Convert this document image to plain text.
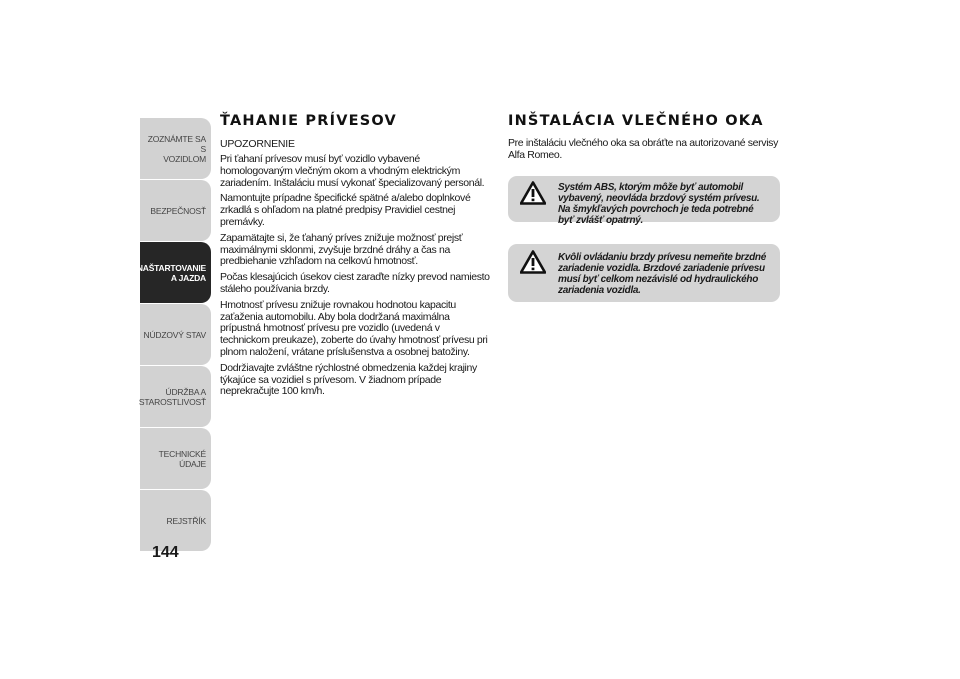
ZOZNÁMTE SA S
VOZIDLOM
BEZPEČNOSŤ
NAŠTARTOVANIE
A JAZDA
NÚDZOVÝ STAV
ÚDRŽBA A
STAROSTLIVOSŤ
TECHNICKÉ ÚDAJE
REJSTŘÍK
144
ŤAHANIE PRÍVESOV

UPOZORNENIE

Pri ťahaní prívesov musí byť vozidlo vybavené homologovaným vlečným okom a vhodným elektrickým zariadením. Inštaláciu musí vykonať špecializovaný personál.

Namontujte prípadne špecifické spätné a/alebo doplnkové zrkadlá s ohľadom na platné predpisy Pravidiel cestnej premávky.

Zapamätajte si, že ťahaný príves znižuje možnosť prejsť maximálnymi sklonmi, zvyšuje brzdné dráhy a čas na predbiehanie vzhľadom na celkovú hmotnosť.

Počas klesajúcich úsekov ciest zaraďte nízky prevod namiesto stáleho používania brzdy.

Hmotnosť prívesu znižuje rovnakou hodnotou kapacitu zaťaženia automobilu. Aby bola dodržaná maximálna prípustná hmotnosť prívesu pre vozidlo (uvedená v technickom preukaze), zoberte do úvahy hmotnosť prívesu pri plnom naložení, vrátane príslušenstva a osobnej batožiny.

Dodržiavajte zvláštne rýchlostné obmedzenia každej krajiny týkajúce sa vozidiel s prívesom. V žiadnom prípade neprekračujte 100 km/h.

INŠTALÁCIA VLEČNÉHO OKA

Pre inštaláciu vlečného oka sa obráťte na autorizované servisy Alfa Romeo.

Systém ABS, ktorým môže byť automobil vybavený, neovláda brzdový systém prívesu. Na šmykľavých povrchoch je teda potrebné byť zvlášť opatrný.
Kvôli ovládaniu brzdy prívesu nemeňte brzdné zariadenie vozidla. Brzdové zariadenie prívesu musí byť celkom nezávislé od hydraulického zariadenia vozidla.
